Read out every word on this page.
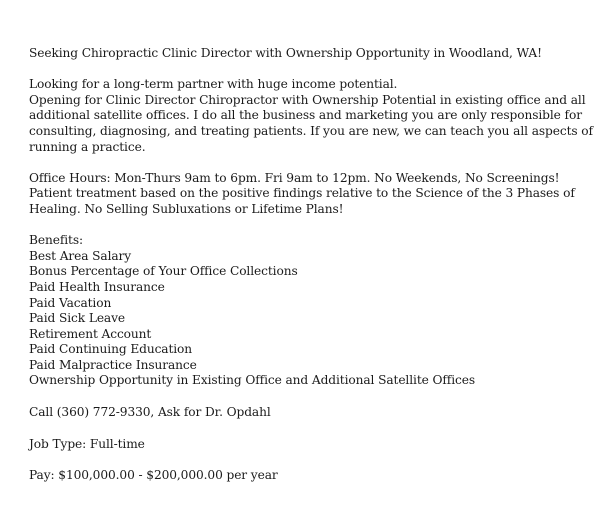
Seeking Chiropractic Clinic Director with Ownership Opportunity in Woodland, WA!

Looking for a long-term partner with huge income potential.

Opening for Clinic Director Chiropractor with Ownership Potential in existing office and all additional satellite offices. I do all the business and marketing you are only responsible for consulting, diagnosing, and treating patients. If you are new, we can teach you all aspects of running a practice.

Office Hours: Mon-Thurs 9am to 6pm. Fri 9am to 12pm. No Weekends, No Screenings! Patient treatment based on the positive findings relative to the Science of the 3 Phases of Healing. No Selling Subluxations or Lifetime Plans!

Benefits:

Best Area Salary
Bonus Percentage of Your Office Collections
Paid Health Insurance
Paid Vacation
Paid Sick Leave
Retirement Account
Paid Continuing Education
Paid Malpractice Insurance
Ownership Opportunity in Existing Office and Additional Satellite Offices

Call (360) 772-9330, Ask for Dr. Opdahl

Job Type: Full-time

Pay: $100,000.00 - $200,000.00 per year
